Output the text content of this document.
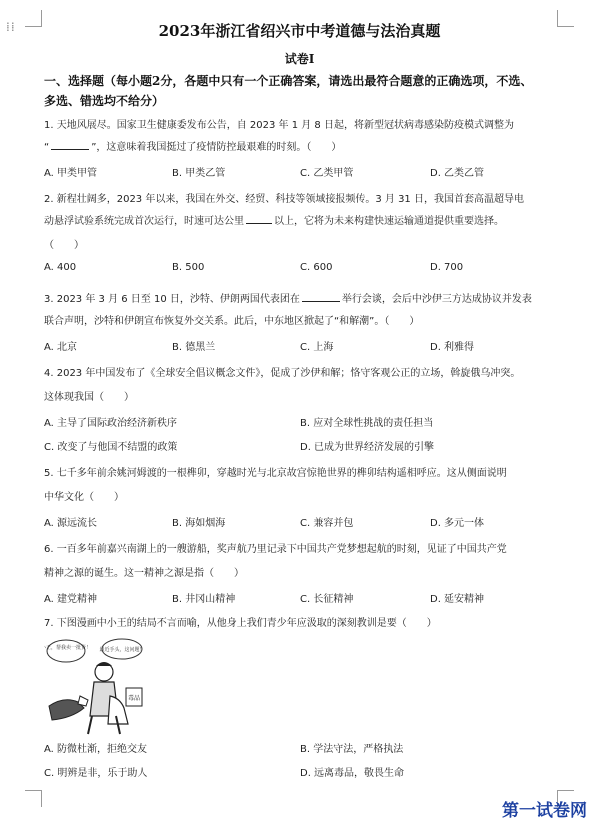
⁞⁞	2023年浙江省绍兴市中考道德与法治真题
试卷I
一、选择题（每小题2分，各题中只有一个正确答案，请选出最符合题意的正确选项，不选、
多选、错选均不给分）
1. 天地风展尽。国家卫生健康委发布公告，自 2023 年 1 月 8 日起，将新型冠状病毒感染防疫模式调整为
“	”，这意味着我国挺过了疫情防控最艰难的时刻。（　　）
A. 甲类甲管	B. 甲类乙管	C. 乙类甲管	D. 乙类乙管
2. 新程壮阔多，2023 年以来，我国在外交、经贸、科技等领域接报频传。3 月 31 日，我国首套高温超导电
动悬浮试验系统完成首次运行，时速可达公里	以上，它将为未来构建快速运输通道提供重要选择。
（　　）
A. 400	B. 500	C. 600	D. 700
3. 2023 年 3 月 6 日至 10 日，沙特、伊朗两国代表团在	举行会谈，会后中沙伊三方达成协议并发表
联合声明，沙特和伊朗宣布恢复外交关系。此后，中东地区掀起了“和解潮”。（　　）
A. 北京	B. 德黑兰	C. 上海	D. 利雅得
4. 2023 年中国发布了《全球安全倡议概念文件》，促成了沙伊和解；恪守客观公正的立场，斡旋俄乌冲突。
这体现我国（　　）
A. 主导了国际政治经济新秩序	B. 应对全球性挑战的责任担当
C. 改变了与他国不结盟的政策	D. 已成为世界经济发展的引擎
5. 七千多年前余姚河姆渡的一根榫卯，穿越时光与北京故宫惊艳世界的榫卯结构遥相呼应。这从侧面说明
中华文化（　　）
A. 源远流长	B. 海如烟海	C. 兼容并包	D. 多元一体
6. 一百多年前嘉兴南湖上的一艘游船，奖声航乃里记录下中国共产党梦想起航的时刻，见证了中国共产党
精神之源的诞生。这一精神之源是指（　　）
A. 建党精神	B. 井冈山精神	C. 长征精神	D. 延安精神
7. 下图漫画中小王的结局不言而喻，从他身上我们青少年应汲取的深刻教训是要（　　）
小王，帮我卖一批货！ 最近手头，这问题！
毒品
A. 防微杜渐，拒绝交友	B. 学法守法，严格执法
C. 明辨是非，乐于助人	D. 远离毒品，敬畏生命
第一试卷网
